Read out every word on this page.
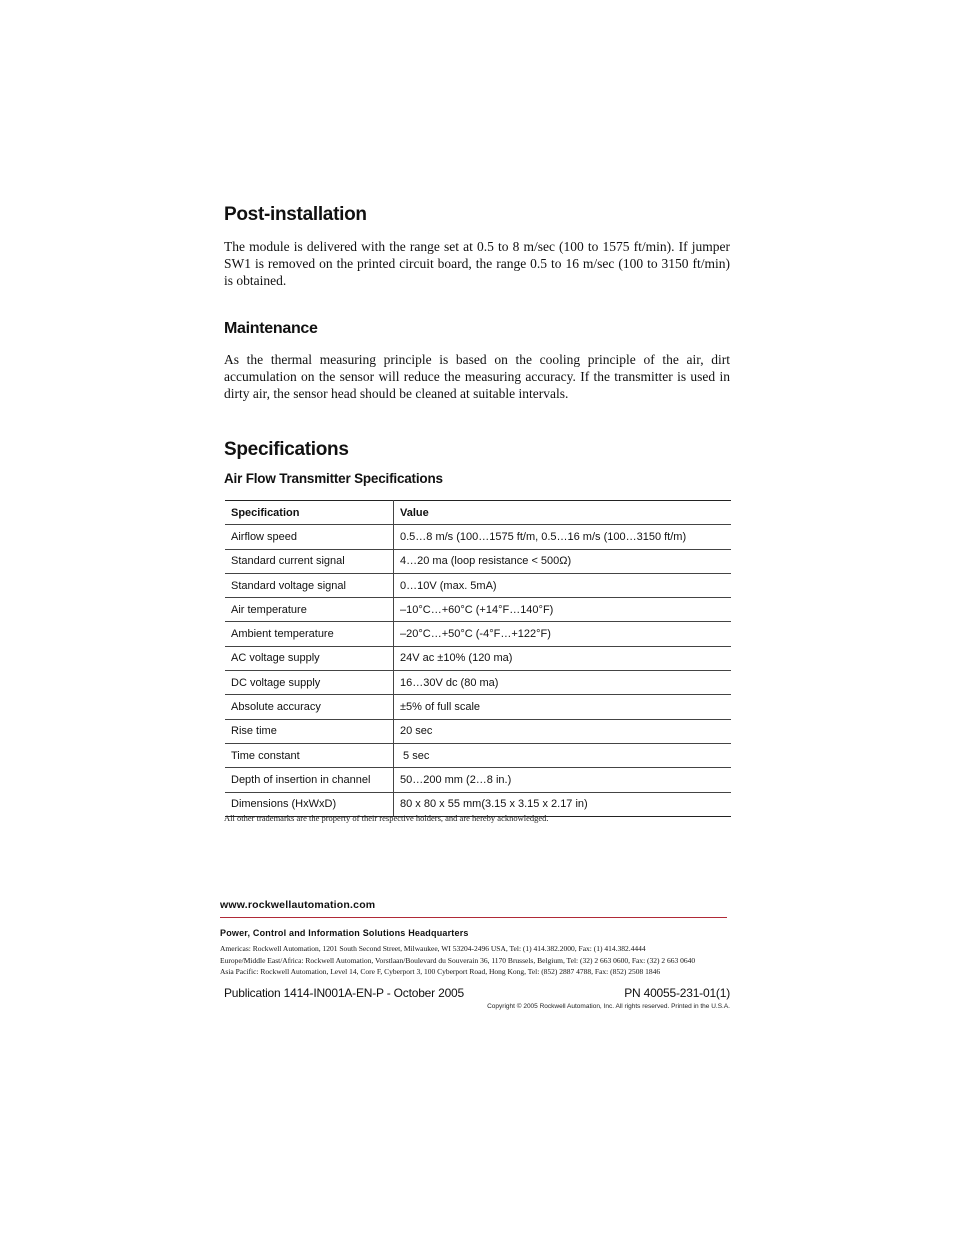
Post-installation

The module is delivered with the range set at 0.5 to 8 m/sec (100 to 1575 ft/min). If jumper SW1 is removed on the printed circuit board, the range 0.5 to 16 m/sec (100 to 3150 ft/min) is obtained.

Maintenance

As the thermal measuring principle is based on the cooling principle of the air, dirt accumulation on the sensor will reduce the measuring accuracy. If the transmitter is used in dirty air, the sensor head should be cleaned at suitable intervals.

Specifications
Air Flow Transmitter Specifications
Specification	Value
Airflow speed	0.5…8 m/s (100…1575 ft/m, 0.5…16 m/s (100…3150 ft/m)
Standard current signal	4…20 ma (loop resistance < 500Ω)
Standard voltage signal	0…10V (max. 5mA)
Air temperature	–10°C…+60°C (+14°F…140°F)
Ambient temperature	–20°C…+50°C (-4°F…+122°F)
AC voltage supply	24V ac ±10% (120 ma)
DC voltage supply	16…30V dc (80 ma)
Absolute accuracy	±5% of full scale
Rise time	20 sec
Time constant	5 sec
Depth of insertion in channel	50…200 mm (2…8 in.)
Dimensions (HxWxD)	80 x 80 x 55 mm(3.15 x 3.15 x 2.17 in)

All other trademarks are the property of their respective holders, and are hereby acknowledged.

www.rockwellautomation.com

Power, Control and Information Solutions Headquarters

Americas: Rockwell Automation, 1201 South Second Street, Milwaukee, WI 53204-2496 USA, Tel: (1) 414.382.2000, Fax: (1) 414.382.4444

Europe/Middle East/Africa: Rockwell Automation, Vorstlaan/Boulevard du Souverain 36, 1170 Brussels, Belgium, Tel: (32) 2 663 0600, Fax: (32) 2 663 0640

Asia Pacific: Rockwell Automation, Level 14, Core F, Cyberport 3, 100 Cyberport Road, Hong Kong, Tel: (852) 2887 4788, Fax: (852) 2508 1846

Publication 1414-IN001A-EN-P - October 2005	PN 40055-231-01(1)

Copyright © 2005 Rockwell Automation, Inc. All rights reserved. Printed in the U.S.A.
